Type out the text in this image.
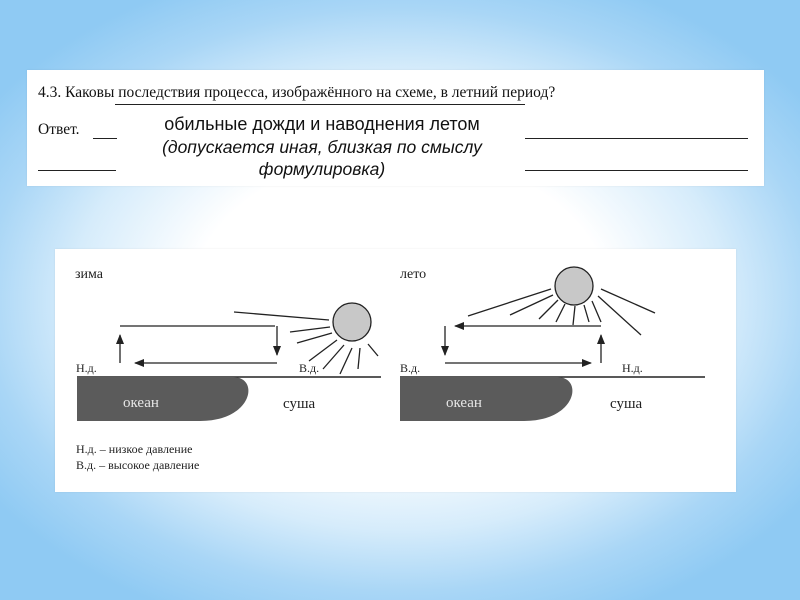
4.3. Каковы последствия процесса, изображённого на схеме, в летний период?
Ответ.	обильные дожди и наводнения летом
(допускается иная, близкая по смыслу формулировка)
зима
океан	суша
Н.д.	В.д.
лето
океан	суша
В.д.	Н.д.
Н.д. – низкое давление
В.д. – высокое давление
